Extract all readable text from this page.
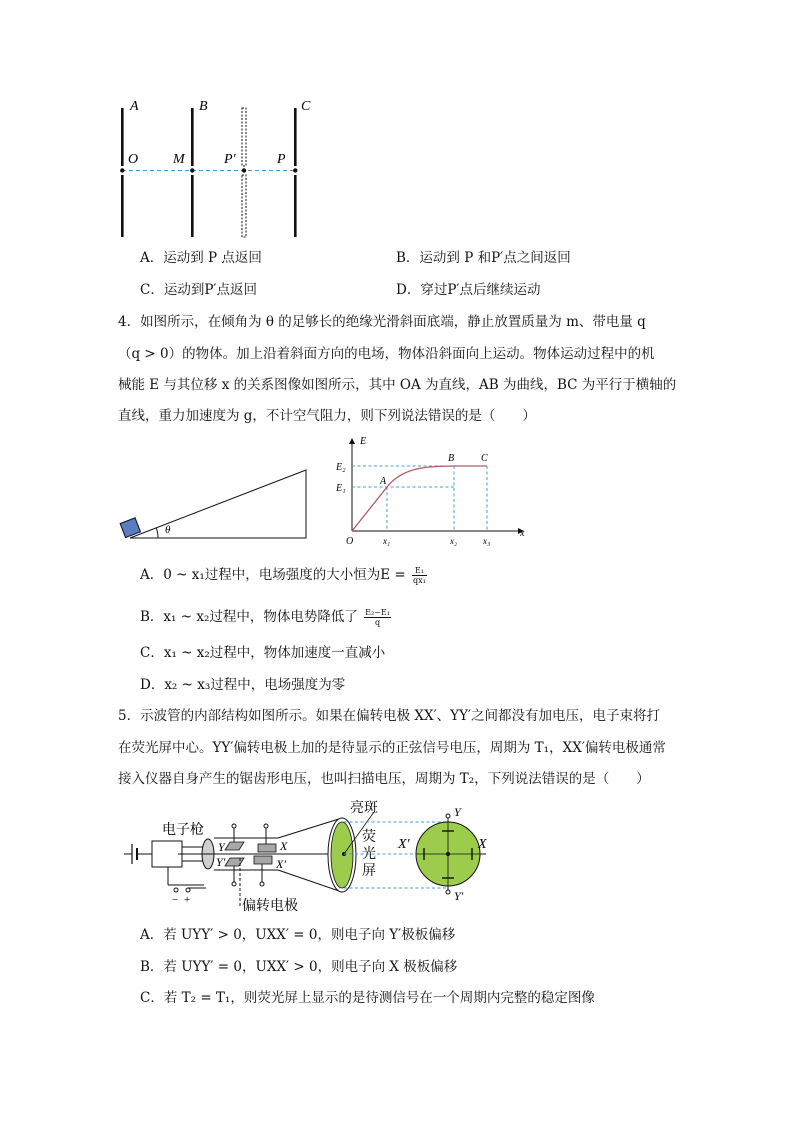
A	B	C
O M	P′	P
A．运动到 P 点返回	B．运动到 P 和P′点之间返回
C．运动到P′点返回	D．穿过P′点后继续运动
4．如图所示，在倾角为 θ 的足够长的绝缘光滑斜面底端，静止放置质量为 m、带电量 q
（q > 0）的物体。加上沿着斜面方向的电场，物体沿斜面向上运动。物体运动过程中的机
械能 E 与其位移 x 的关系图像如图所示，其中 OA 为直线，AB 为曲线，BC 为平行于横轴的
直线，重力加速度为 g，不计空气阻力，则下列说法错误的是（　　）
θ
E
E₂
E₁
A
B	C
O
x
x₁	x₂	x₃
A．0 ~ x₁过程中，电场强度的大小恒为$E = \frac{\text{E₁}}{\text{qx₁}}$
B．x₁ ~ x₂过程中，物体电势降低了 $\frac{\text{E₂−E₁}}{q}$
C．x₁ ~ x₂过程中，物体加速度一直减小
D．x₂ ~ x₃过程中，电场强度为零
5．示波管的内部结构如图所示。如果在偏转电极 XX′、YY′之间都没有加电压，电子束将打
在荧光屏中心。YY′偏转电极上加的是待显示的正弦信号电压，周期为 T₁，XX′偏转电极通常
接入仪器自身产生的锯齿形电压，也叫扫描电压，周期为 T₂，下列说法错误的是（　　）
− +
Y
Y′
X
X′
亮斑
荧
光
屏
Y
Y′
X
X′
电子枪
偏转电极
A．若 UYY′ > 0，UXX′ = 0，则电子向 Y′极板偏移
B．若 UYY′ = 0，UXX′ > 0，则电子向 X 极板偏移
C．若 T₂ = T₁，则荧光屏上显示的是待测信号在一个周期内完整的稳定图像
